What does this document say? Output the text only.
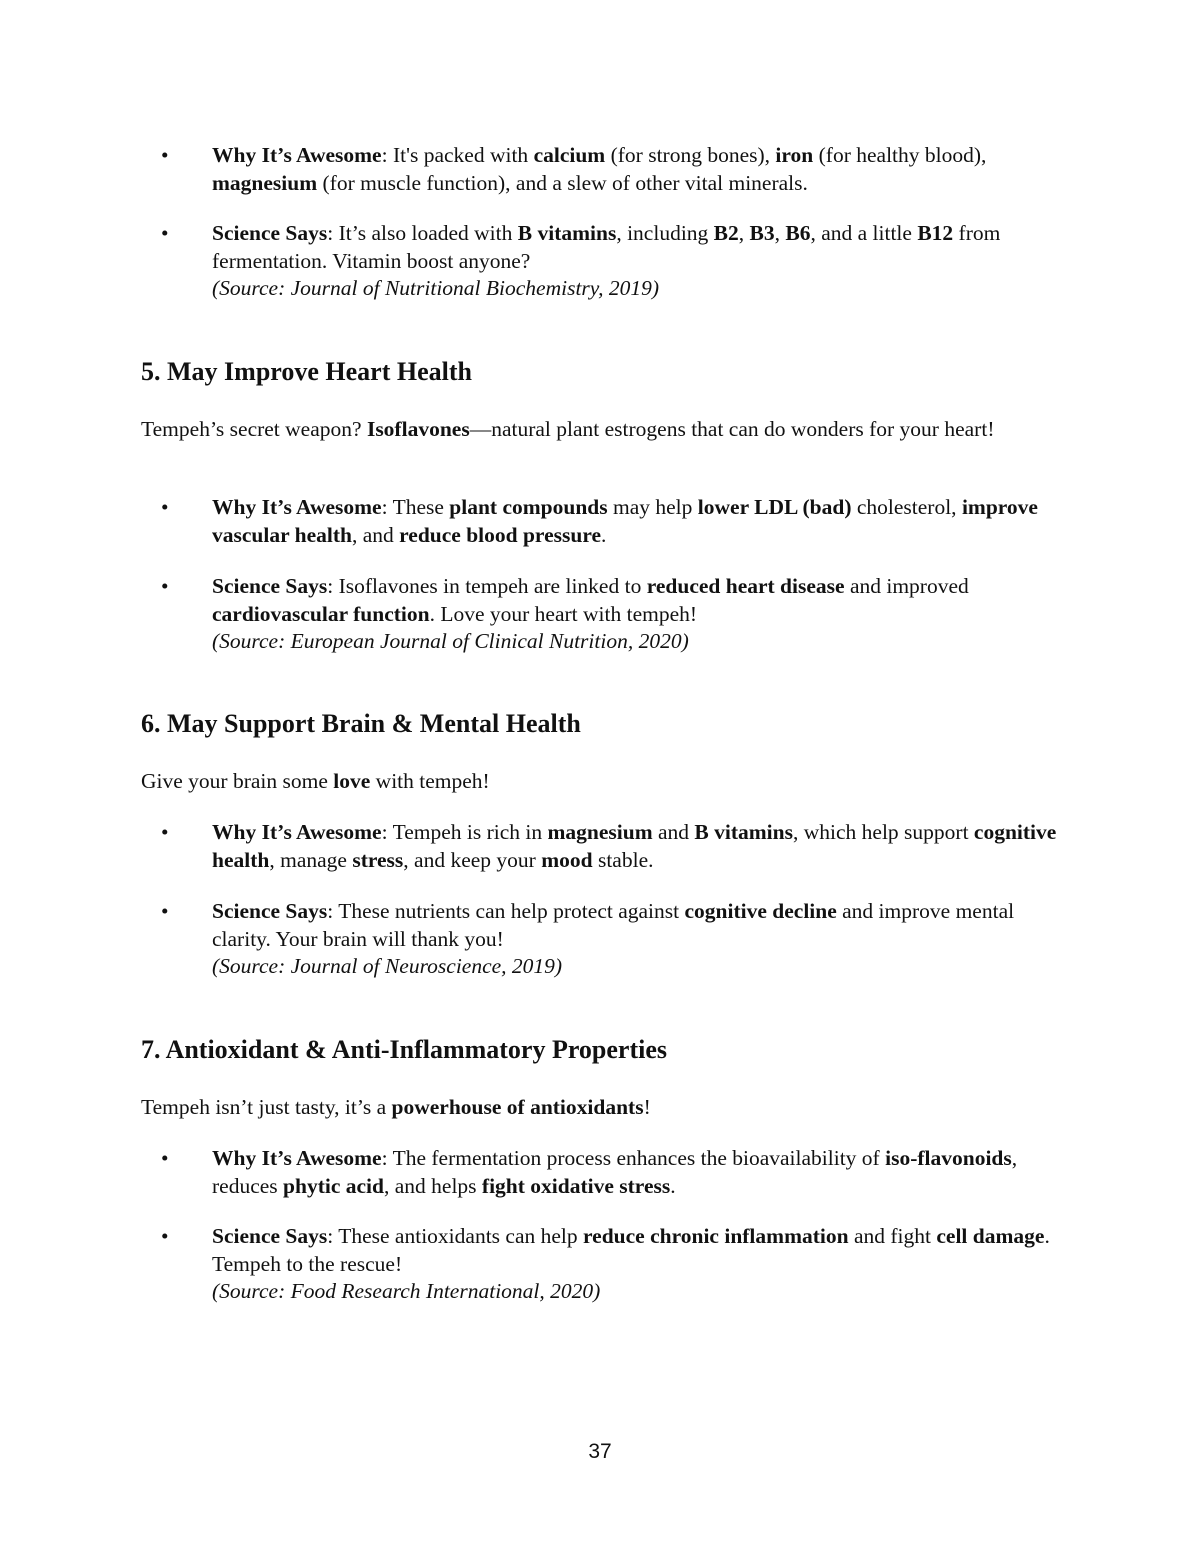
•	Why It’s Awesome: It's packed with calcium (for strong bones), iron (for healthy blood), magnesium (for muscle function), and a slew of other vital minerals.
•	Science Says: It’s also loaded with B vitamins, including B2, B3, B6, and a little B12 from fermentation. Vitamin boost anyone?
(Source: Journal of Nutritional Biochemistry, 2019)
5. May Improve Heart Health

Tempeh’s secret weapon? Isoflavones—natural plant estrogens that can do wonders for your heart!

•	Why It’s Awesome: These plant compounds may help lower LDL (bad) cholesterol, improve vascular health, and reduce blood pressure.
•	Science Says: Isoflavones in tempeh are linked to reduced heart disease and improved cardiovascular function. Love your heart with tempeh!
(Source: European Journal of Clinical Nutrition, 2020)
6. May Support Brain & Mental Health

Give your brain some love with tempeh!

•	Why It’s Awesome: Tempeh is rich in magnesium and B vitamins, which help support cognitive health, manage stress, and keep your mood stable.
•	Science Says: These nutrients can help protect against cognitive decline and improve mental clarity. Your brain will thank you!
(Source: Journal of Neuroscience, 2019)
7. Antioxidant & Anti-Inflammatory Properties

Tempeh isn’t just tasty, it’s a powerhouse of antioxidants!

•	Why It’s Awesome: The fermentation process enhances the bioavailability of iso-flavonoids, reduces phytic acid, and helps fight oxidative stress.
•	Science Says: These antioxidants can help reduce chronic inflammation and fight cell damage. Tempeh to the rescue!
(Source: Food Research International, 2020)
37
